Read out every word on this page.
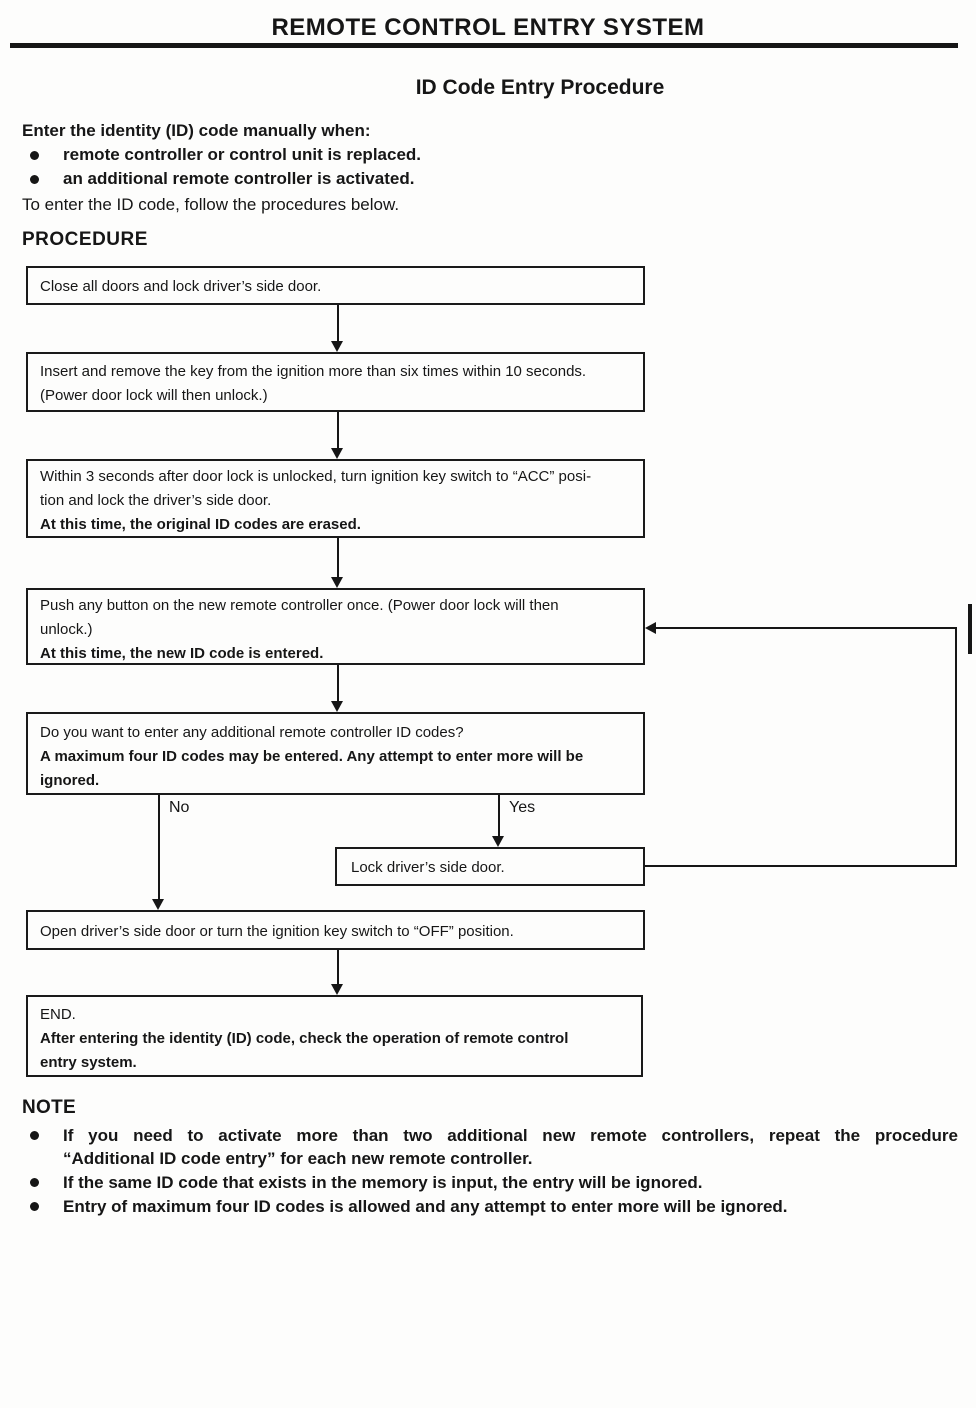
REMOTE CONTROL ENTRY SYSTEM
ID Code Entry Procedure
Enter the identity (ID) code manually when:
remote controller or control unit is replaced.
an additional remote controller is activated.
To enter the ID code, follow the procedures below.
PROCEDURE
Close all doors and lock driver’s side door.
Insert and remove the key from the ignition more than six times within 10 seconds.
(Power door lock will then unlock.)
Within 3 seconds after door lock is unlocked, turn ignition key switch to “ACC” posi-
tion and lock the driver’s side door.
At this time, the original ID codes are erased.
Push any button on the new remote controller once. (Power door lock will then
unlock.)
At this time, the new ID code is entered.
Do you want to enter any additional remote controller ID codes?
A maximum four ID codes may be entered. Any attempt to enter more will be
ignored.
Lock driver’s side door.
Open driver’s side door or turn the ignition key switch to “OFF” position.
END.
After entering the identity (ID) code, check the operation of remote control
entry system.
No	Yes
NOTE
If you need to activate more than two additional new remote controllers, repeat the procedure
“Additional ID code entry” for each new remote controller.
If the same ID code that exists in the memory is input, the entry will be ignored.
Entry of maximum four ID codes is allowed and any attempt to enter more will be ignored.
